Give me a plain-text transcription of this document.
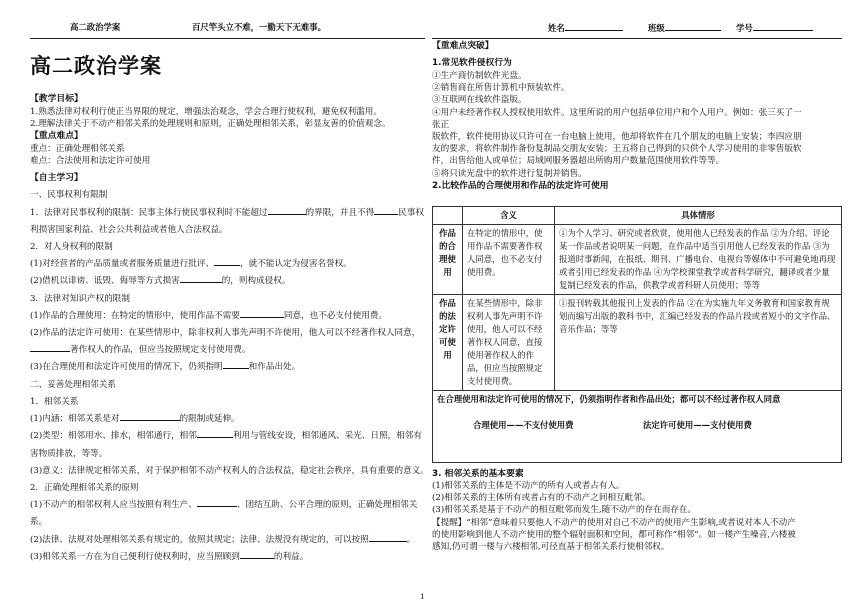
高二政治学案	百尺竿头立不难，一勤天下无难事。	姓名	班级	学号
高二政治学案
【教学目标】
1.熟悉法律对权利行使正当界限的规定，增强法治观念，学会合理行使权利，避免权利滥用。
2.理解法律关于不动产相邻关系的处理规则和原则，正确处理相邻关系，彰显友善的价值观念。
【重点难点】
重点：正确处理相邻关系
难点：合法使用和法定许可使用
【自主学习】
一、民事权利有限制
1．法律对民事权利的限制：民事主体行使民事权利时不能超过	的界限，并且不得	民事权
利损害国家利益、社会公共利益或者他人合法权益。
2．对人身权利的限制
(1)对经营者的产品质量或者服务质量进行批评、	，就不能认定为侵害名誉权。
(2)借机以诽谤、诋毁、侮辱等方式损害	的，则构成侵权。
3．法律对知识产权的限制
(1)作品的合理使用：在特定的情形中，使用作品不需要	同意，也不必支付使用费。
(2)作品的法定许可使用：在某些情形中，除非权利人事先声明不许使用，他人可以不经著作权人同意，
著作权人的作品，但应当按照规定支付使用费。
(3)在合理使用和法定许可使用的情况下，仍须指明	和作品出处。
二、妥善处理相邻关系
1．相邻关系
(1)内涵：相邻关系是对	的限制或延伸。
(2)类型：相邻用水、排水，相邻通行，相邻	利用与管线安设，相邻通风、采光、日照，相邻有
害物质排放，等等。
(3)意义：法律规定相邻关系，对于保护相邻不动产权利人的合法权益，稳定社会秩序，具有重要的意义。
2．正确处理相邻关系的原则
(1)不动产的相邻权利人应当按照有利生产、	、团结互助、公平合理的原则，正确处理相邻关
系。
(2)法律、法规对处理相邻关系有规定的，依照其规定；法律、法规没有规定的，可以按照	。
(3)相邻关系一方在为自己便利行使权利时，应当照顾到	的利益。
【重难点突破】
1.常见软件侵权行为
①生产商仿制软件光盘。
②销售商在所售计算机中预装软件。
③互联网在线软件盗版。
④用户未经著作权人授权使用软件。这里所说的用户包括单位用户和个人用户。例如：张三买了一
张正
版软件，软件使用协议只许可在一台电脑上使用，他却将软件在几个朋友的电脑上安装；李四应朋
友的要求，将软件制作备份复制品交朋友安装；王五将自己得到的只供个人学习使用的非零售版软
件，出售给他人或单位；局域网服务器超出所购用户数量范围使用软件等等。
⑤将只读光盘中的软件进行复制并销售。
2.比较作品的合理使用和作品的法定许可使用
	含义	具体情形
作品的合理使用	在特定的情形中，使用作品不需要著作权人同意，也不必支付使用费。	①为个人学习、研究或者欣赏，使用他人已经发表的作品 ②为介绍、评论某一作品或者说明某一问题，在作品中适当引用他人已经发表的作品 ③为报道时事新闻，在报纸、期刊、广播电台、电视台等媒体中不可避免地再现或者引用已经发表的作品 ④为学校课堂教学或者科学研究，翻译或者少量复制已经发表的作品，供教学或者科研人员使用；等等
作品的法定许可使用	在某些情形中，除非权利人事先声明不许使用，他人可以不经著作权人同意，直接使用著作权人的作品，但应当按照规定支付使用费。	①报刊转载其他报刊上发表的作品 ②在为实施九年义务教育和国家教育规划而编写出版的教科书中，汇编已经发表的作品片段或者短小的文字作品、音乐作品；等等

在合理使用和法定许可使用的情况下，仍须指明作者和作品出处；都可以不经过著作权人同意
合理使用——不支付使用费 法定许可使用——支付使用费		
3. 相邻关系的基本要素
(1)相邻关系的主体是不动产的所有人或者占有人。
(2)相邻关系的主体所有或者占有的不动产之间相互毗邻。
(3)相邻关系是基于不动产的相互毗邻而发生,随不动产的存在而存在。
【提醒】“相邻”意味着只要他人不动产的使用对自己不动产的使用产生影响,或者说对本人不动产
的使用影响到他人不动产使用的整个辐射面积和空间，都可称作“相邻”。如一楼产生噪音,六楼被
感知,仍可谓一楼与六楼相邻,可径直基于相邻关系行使相邻权。
1
